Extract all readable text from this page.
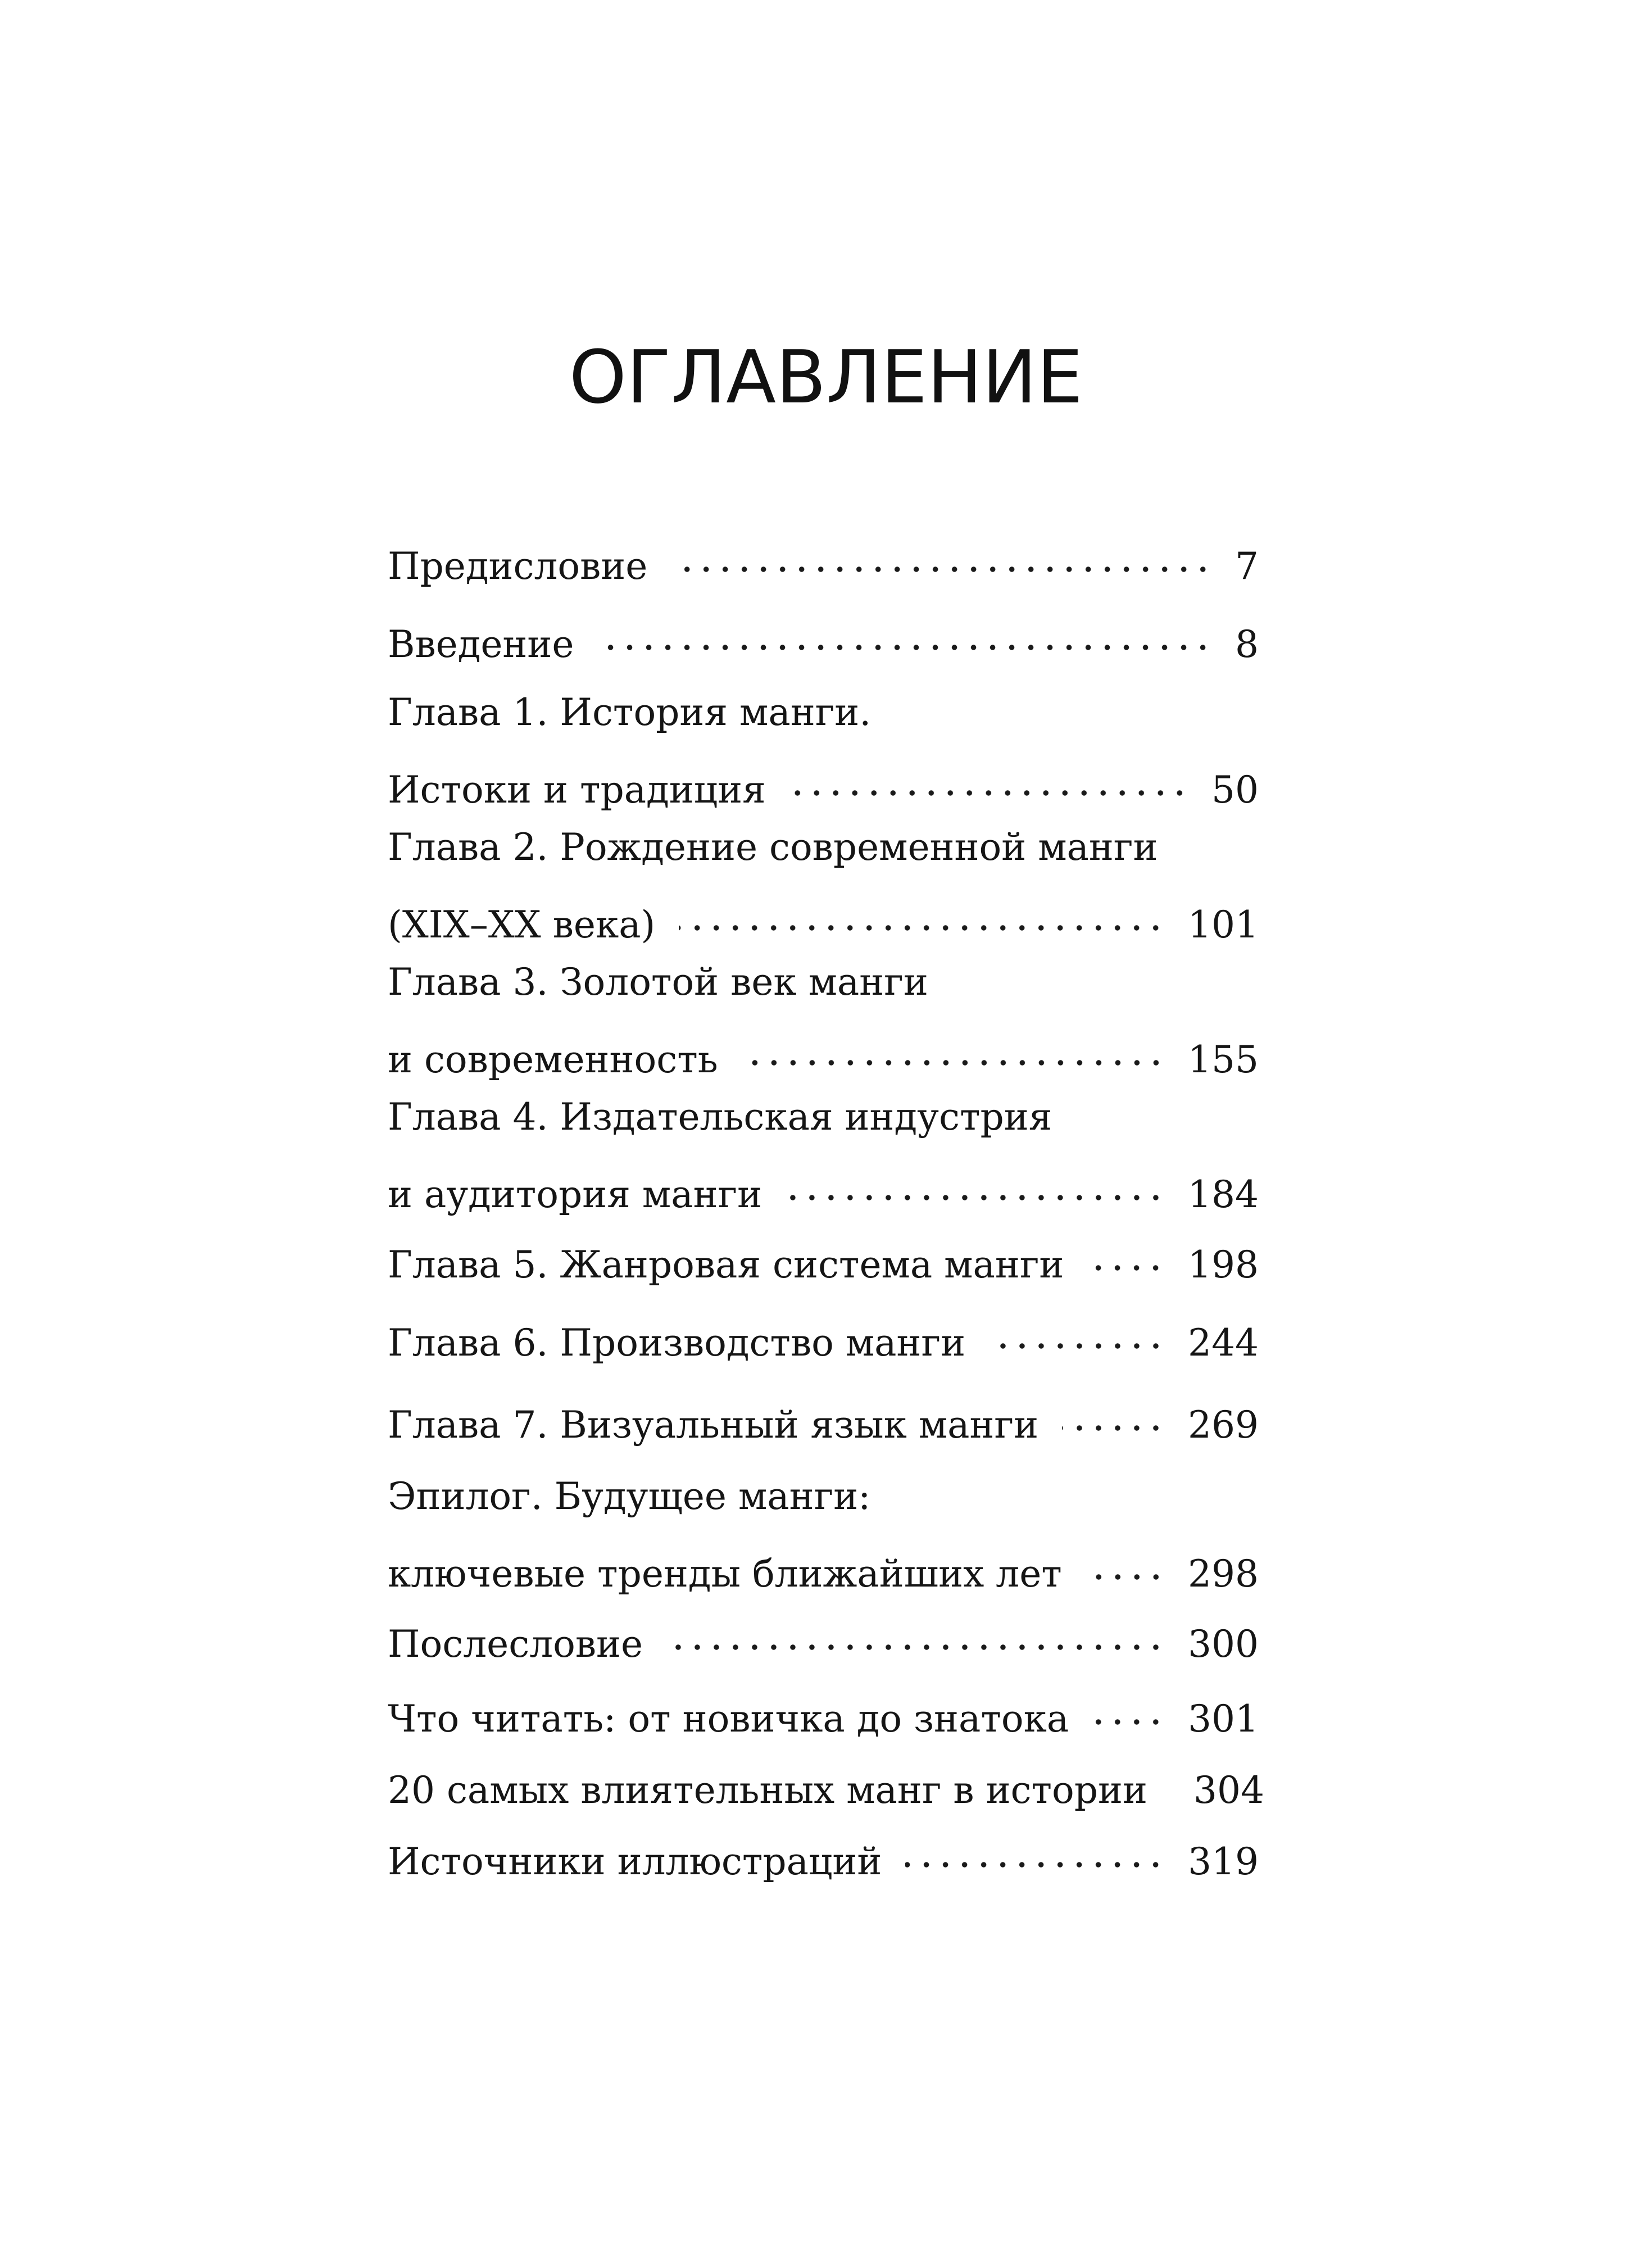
ОГЛАВЛЕНИЕ
Предисловие	7
Введение	8
Глава 1. История манги.
Истоки и традиция	50
Глава 2. Рождение современной манги
(XIX–XX века)	101
Глава 3. Золотой век манги
и современность	155
Глава 4. Издательская индустрия
и аудитория манги	184
Глава 5. Жанровая система манги	198
Глава 6. Производство манги	244
Глава 7. Визуальный язык манги	269
Эпилог. Будущее манги:
ключевые тренды ближайших лет	298
Послесловие	300
Что читать: от новичка до знатока	301
20 самых влиятельных манг в истории 304
Источники иллюстраций	319
